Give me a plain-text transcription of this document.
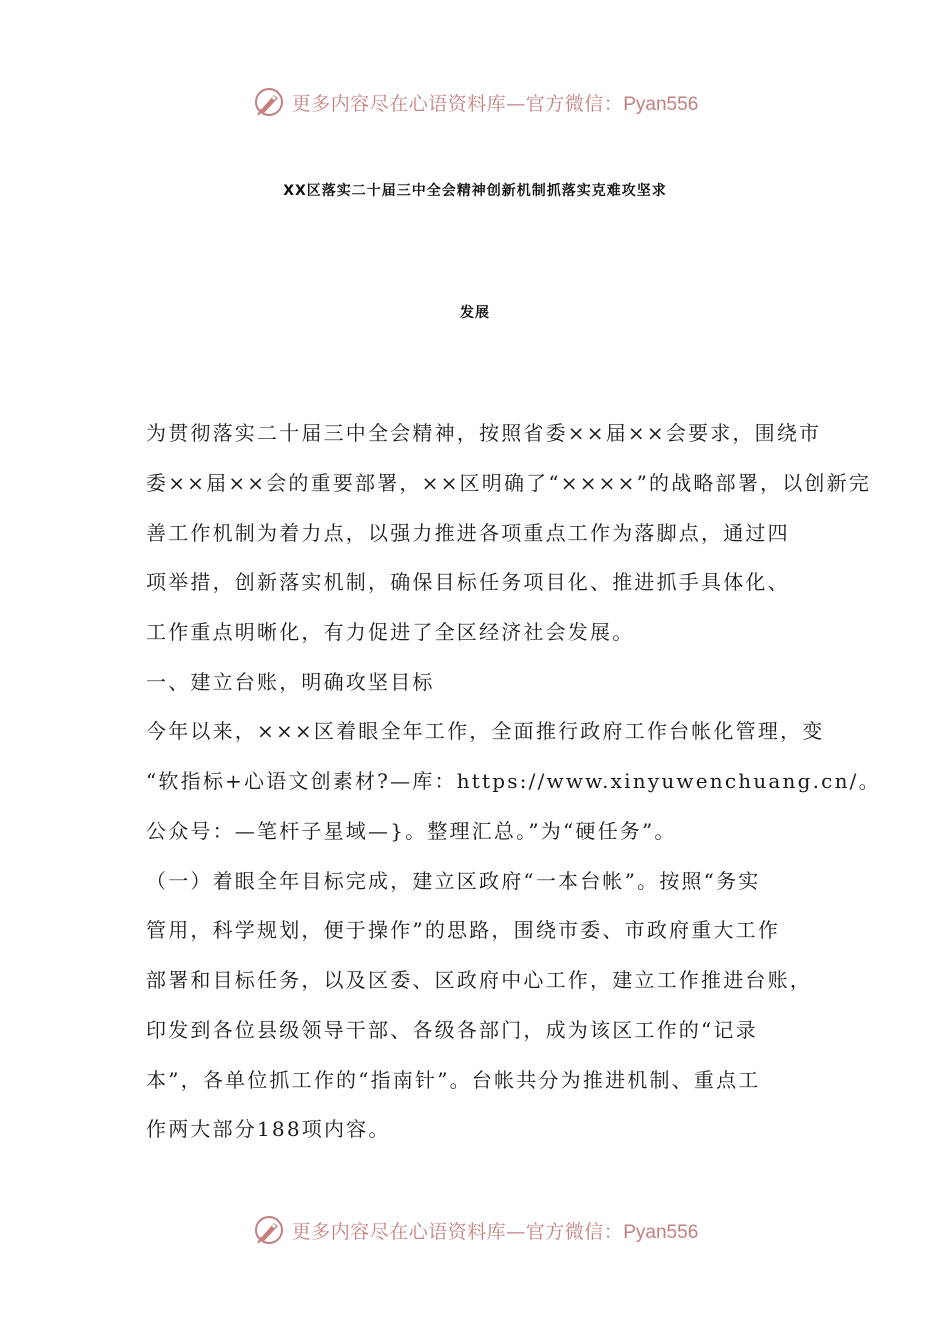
更多内容尽在心语资料库—官方微信：Pyan556
XX区落实二十届三中全会精神创新机制抓落实克难攻坚求
发展
为贯彻落实二十届三中全会精神，按照省委××届××会要求，围绕市
委××届××会的重要部署，××区明确了“××××”的战略部署，以创新完
善工作机制为着力点，以强力推进各项重点工作为落脚点，通过四
项举措，创新落实机制，确保目标任务项目化、推进抓手具体化、
工作重点明晰化，有力促进了全区经济社会发展。
一、建立台账，明确攻坚目标
今年以来，×××区着眼全年工作，全面推行政府工作台帐化管理，变
“软指标+心语文创素材?—库：https://www.xinyuwenchuang.cn/。
公众号：—笔杆子星域—}。整理汇总。”为“硬任务”。
（一）着眼全年目标完成，建立区政府“一本台帐”。按照“务实
管用，科学规划，便于操作”的思路，围绕市委、市政府重大工作
部署和目标任务，以及区委、区政府中心工作，建立工作推进台账，
印发到各位县级领导干部、各级各部门，成为该区工作的“记录
本”，各单位抓工作的“指南针”。台帐共分为推进机制、重点工
作两大部分188项内容。
更多内容尽在心语资料库—官方微信：Pyan556
